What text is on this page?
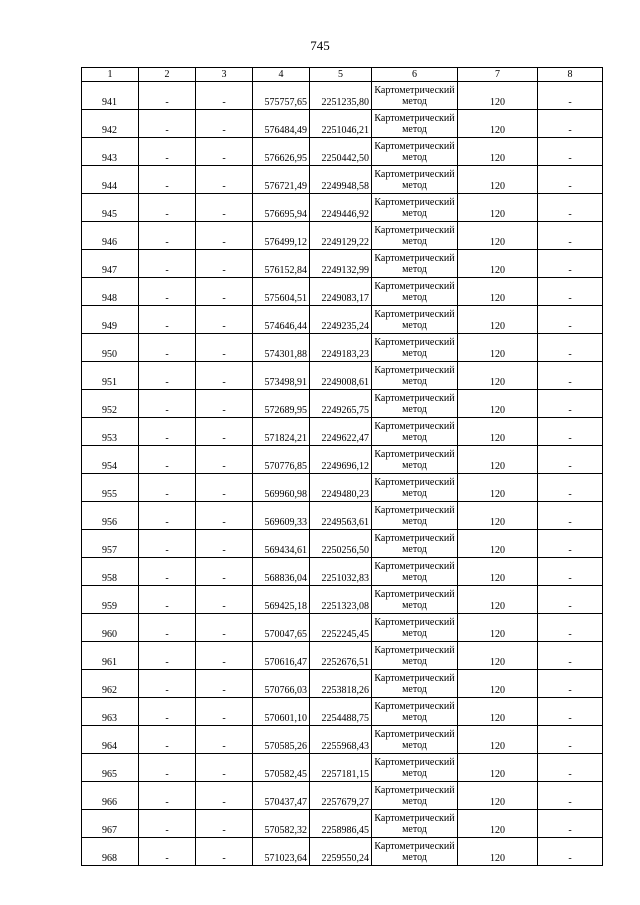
745
1	2	3	4	5	6	7	8
941	-	-	575757,65	2251235,80	Картометрический метод	120	-
942	-	-	576484,49	2251046,21	Картометрический метод	120	-
943	-	-	576626,95	2250442,50	Картометрический метод	120	-
944	-	-	576721,49	2249948,58	Картометрический метод	120	-
945	-	-	576695,94	2249446,92	Картометрический метод	120	-
946	-	-	576499,12	2249129,22	Картометрический метод	120	-
947	-	-	576152,84	2249132,99	Картометрический метод	120	-
948	-	-	575604,51	2249083,17	Картометрический метод	120	-
949	-	-	574646,44	2249235,24	Картометрический метод	120	-
950	-	-	574301,88	2249183,23	Картометрический метод	120	-
951	-	-	573498,91	2249008,61	Картометрический метод	120	-
952	-	-	572689,95	2249265,75	Картометрический метод	120	-
953	-	-	571824,21	2249622,47	Картометрический метод	120	-
954	-	-	570776,85	2249696,12	Картометрический метод	120	-
955	-	-	569960,98	2249480,23	Картометрический метод	120	-
956	-	-	569609,33	2249563,61	Картометрический метод	120	-
957	-	-	569434,61	2250256,50	Картометрический метод	120	-
958	-	-	568836,04	2251032,83	Картометрический метод	120	-
959	-	-	569425,18	2251323,08	Картометрический метод	120	-
960	-	-	570047,65	2252245,45	Картометрический метод	120	-
961	-	-	570616,47	2252676,51	Картометрический метод	120	-
962	-	-	570766,03	2253818,26	Картометрический метод	120	-
963	-	-	570601,10	2254488,75	Картометрический метод	120	-
964	-	-	570585,26	2255968,43	Картометрический метод	120	-
965	-	-	570582,45	2257181,15	Картометрический метод	120	-
966	-	-	570437,47	2257679,27	Картометрический метод	120	-
967	-	-	570582,32	2258986,45	Картометрический метод	120	-
968	-	-	571023,64	2259550,24	Картометрический метод	120	-
